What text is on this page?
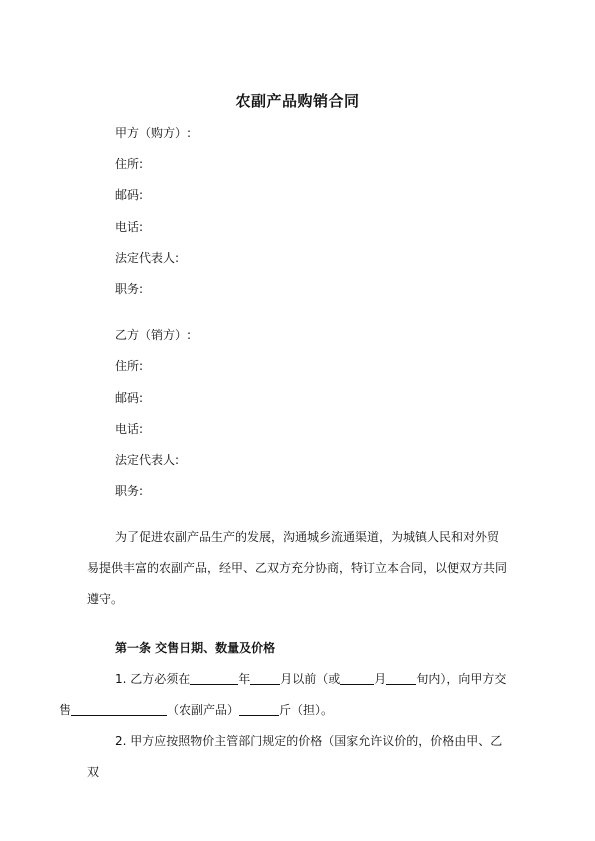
农副产品购销合同
甲方（购方）:
住所:
邮码:
电话:
法定代表人:
职务:
乙方（销方）:
住所:
邮码:
电话:
法定代表人:
职务:

为了促进农副产品生产的发展，沟通城乡流通渠道，为城镇人民和对外贸易提供丰富的农副产品，经甲、乙双方充分协商，特订立本合同，以便双方共同遵守。

第一条 交售日期、数量及价格

1. 乙方必须在	年	月以前（或	月	旬内），向甲方交
售	（农副产品）	斤（担）。

2. 甲方应按照物价主管部门规定的价格（国家允许议价的，价格由甲、乙双
